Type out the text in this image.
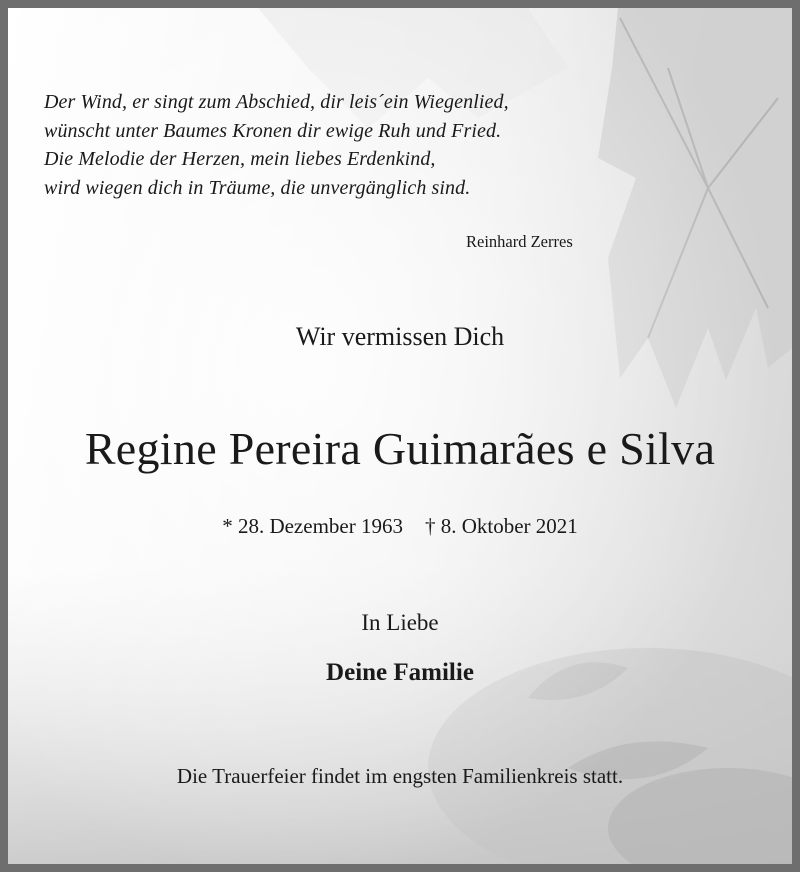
Der Wind, er singt zum Abschied, dir leis´ein Wiegenlied,
wünscht unter Baumes Kronen dir ewige Ruh und Fried.
Die Melodie der Herzen, mein liebes Erdenkind,
wird wiegen dich in Träume, die unvergänglich sind.
Reinhard Zerres
Wir vermissen Dich
Regine Pereira Guimarães e Silva
* 28. Dezember 1963 † 8. Oktober 2021
In Liebe
Deine Familie
Die Trauerfeier findet im engsten Familienkreis statt.
